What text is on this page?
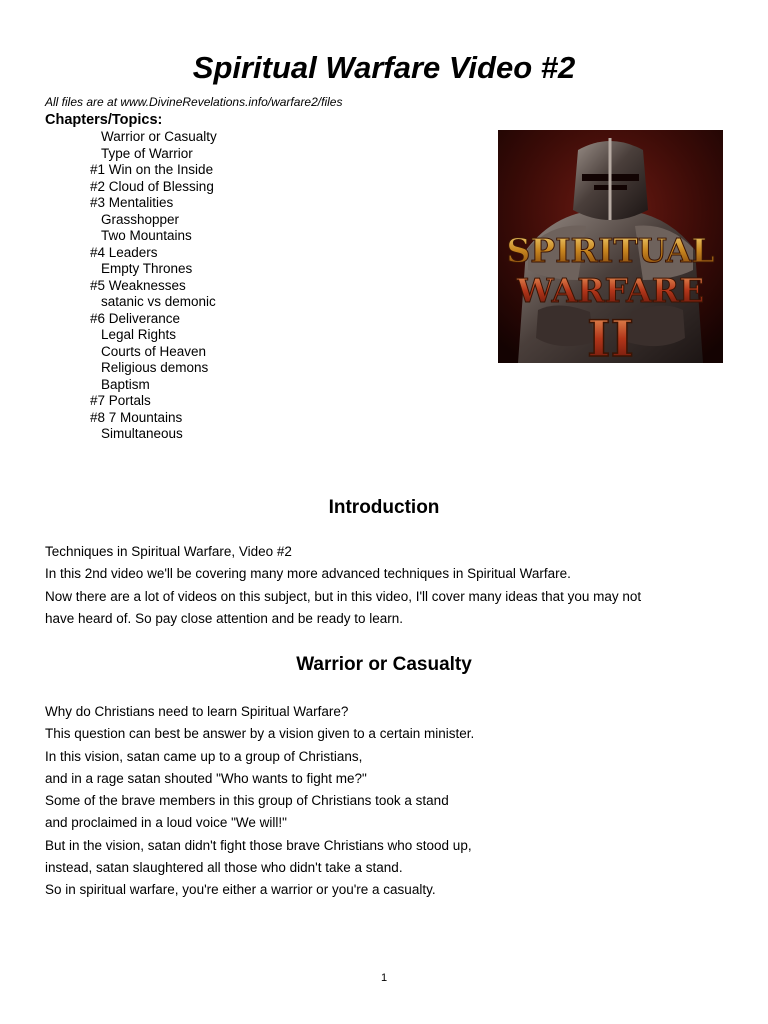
Spiritual Warfare Video #2
All files are at www.DivineRevelations.info/warfare2/files
Chapters/Topics:
Warrior or Casualty
Type of Warrior
#1 Win on the Inside
#2 Cloud of Blessing
#3 Mentalities
Grasshopper
Two Mountains
#4 Leaders
Empty Thrones
#5 Weaknesses
satanic vs demonic
#6 Deliverance
Legal Rights
Courts of Heaven
Religious demons
Baptism
#7 Portals
#8 7 Mountains
Simultaneous
SPIRITUAL
WARFARE
II
Introduction
Techniques in Spiritual Warfare, Video #2
In this 2nd video we'll be covering many more advanced techniques in Spiritual Warfare.
Now there are a lot of videos on this subject, but in this video, I'll cover many ideas that you may not
have heard of. So pay close attention and be ready to learn.
Warrior or Casualty
Why do Christians need to learn Spiritual Warfare?
This question can best be answer by a vision given to a certain minister.
In this vision, satan came up to a group of Christians,
and in a rage satan shouted "Who wants to fight me?"
Some of the brave members in this group of Christians took a stand
and proclaimed in a loud voice "We will!"
But in the vision, satan didn't fight those brave Christians who stood up,
instead, satan slaughtered all those who didn't take a stand.
So in spiritual warfare, you're either a warrior or you're a casualty.
1
